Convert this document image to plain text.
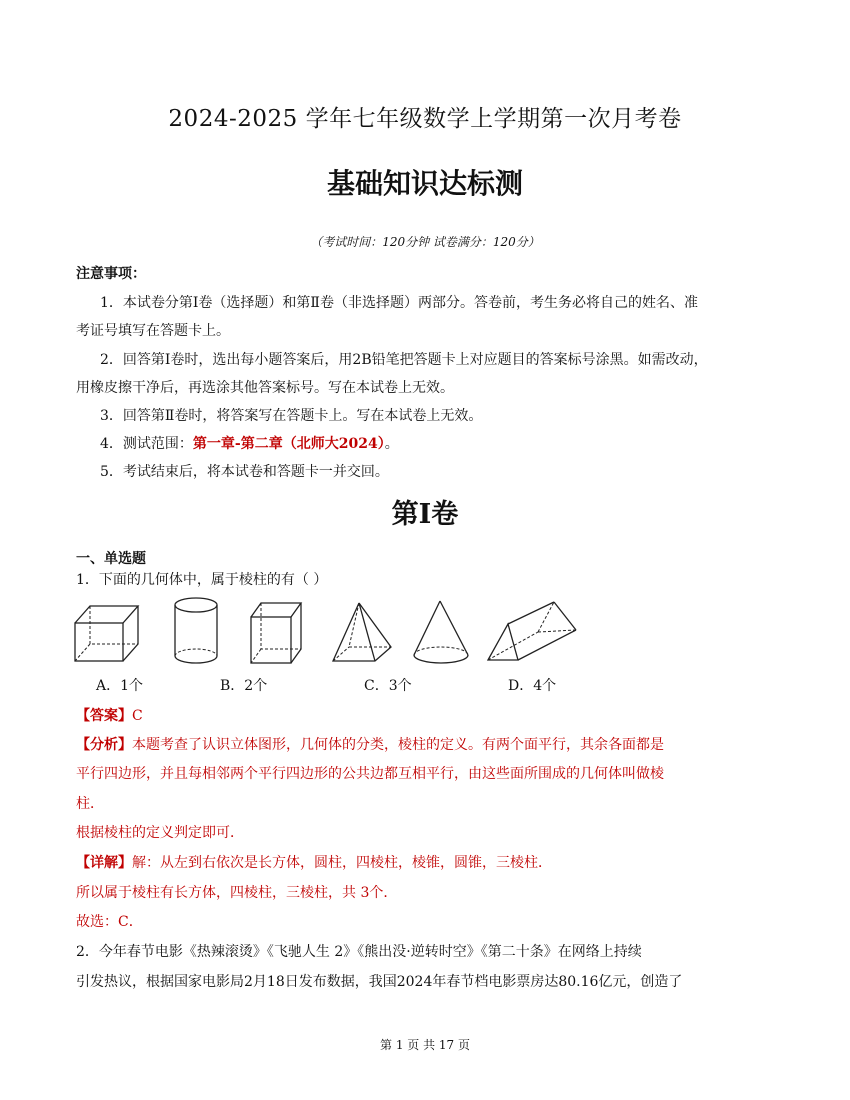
2024-2025 学年七年级数学上学期第一次月考卷
基础知识达标测
（考试时间：120分钟 试卷满分：120分）
注意事项：
1．本试卷分第Ⅰ卷（选择题）和第Ⅱ卷（非选择题）两部分。答卷前，考生务必将自己的姓名、准
考证号填写在答题卡上。
2．回答第Ⅰ卷时，选出每小题答案后，用2B铅笔把答题卡上对应题目的答案标号涂黑。如需改动，
用橡皮擦干净后，再选涂其他答案标号。写在本试卷上无效。
3．回答第Ⅱ卷时，将答案写在答题卡上。写在本试卷上无效。
4．测试范围：第一章-第二章（北师大2024）。
5．考试结束后，将本试卷和答题卡一并交回。
第Ⅰ卷
一、单选题
1．下面的几何体中，属于棱柱的有（ ）
A．1个	B．2个	C．3个	D．4个
【答案】C
【分析】本题考查了认识立体图形，几何体的分类，棱柱的定义。有两个面平行，其余各面都是
平行四边形，并且每相邻两个平行四边形的公共边都互相平行，由这些面所围成的几何体叫做棱
柱．
根据棱柱的定义判定即可．
【详解】解：从左到右依次是长方体，圆柱，四棱柱，棱锥，圆锥，三棱柱．
所以属于棱柱有长方体，四棱柱，三棱柱，共 3个．
故选：C．
2．今年春节电影《热辣滚烫》《飞驰人生 2》《熊出没·逆转时空》《第二十条》在网络上持续
引发热议，根据国家电影局2月18日发布数据，我国2024年春节档电影票房达80.16亿元，创造了
第 1 页 共 17 页
